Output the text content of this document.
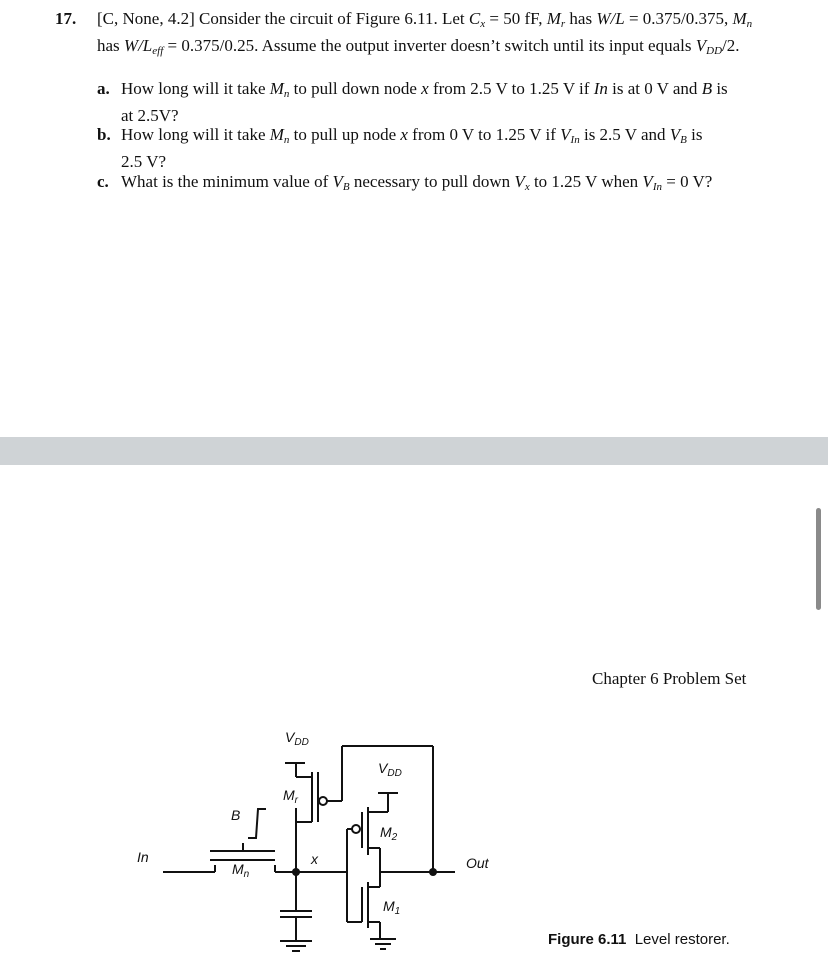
17. [C, None, 4.2] Consider the circuit of Figure 6.11. Let $C_x = 50$ fF, $M_r$ has W/L = 0.375/0.375, $M_n$ has $W/L_{eff} = 0.375/0.25$. Assume the output inverter doesn’t switch until its input equals $V_{DD}/2$.
a. How long will it take $M_n$ to pull down node x from 2.5 V to 1.25 V if In is at 0 V and B is
at 2.5V?
b. How long will it take $M_n$ to pull up node x from 0 V to 1.25 V if $V_{In}$ is 2.5 V and $V_B$ is
2.5 V?
c. What is the minimum value of $V_B$ necessary to pull down $V_x$ to 1.25 V when $V_{In} = 0$ V?
Chapter 6 Problem Set
$V_{DD}$
$V_{DD}$
$M_r$
B
$M_n$
In	x
$M_2$
$M_1$
Out
Figure 6.11 Level restorer.
